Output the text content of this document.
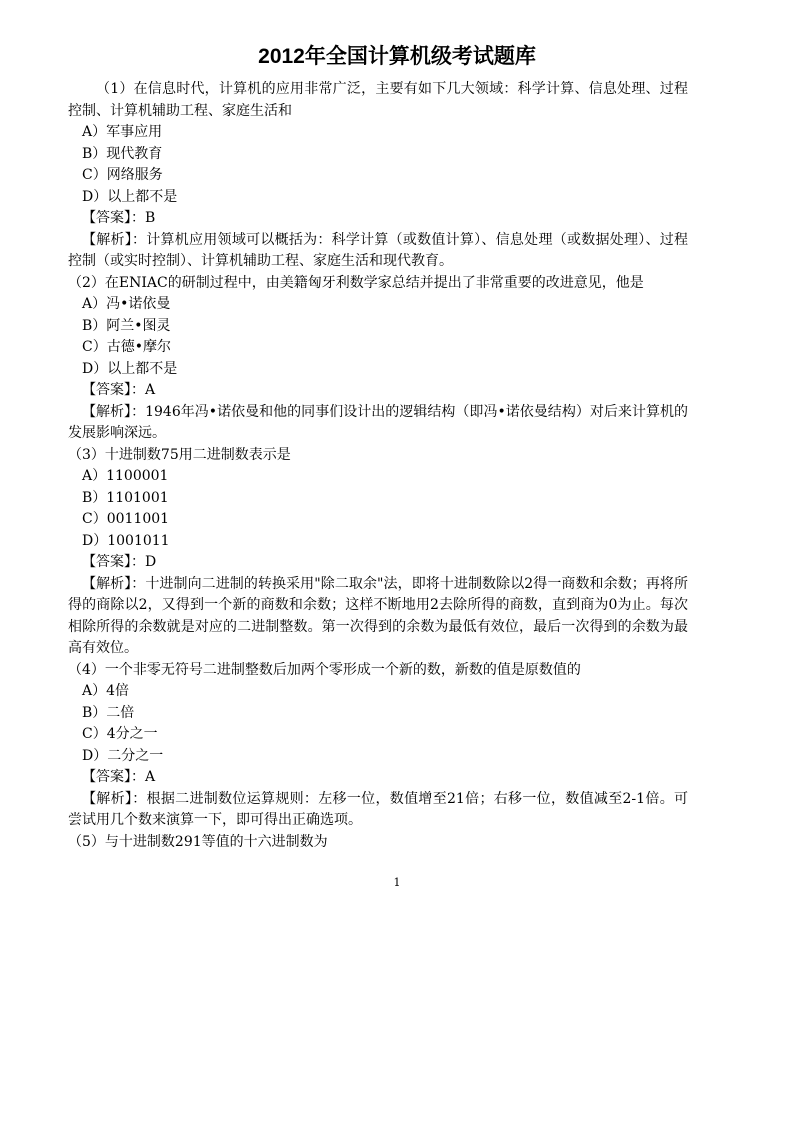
2012年全国计算机级考试题库

（1）在信息时代，计算机的应用非常广泛，主要有如下几大领域：科学计算、信息处理、过程控制、计算机辅助工程、家庭生活和

A）军事应用

B）现代教育

C）网络服务

D）以上都不是

【答案】：B

【解析】：计算机应用领域可以概括为：科学计算（或数值计算）、信息处理（或数据处理）、过程控制（或实时控制）、计算机辅助工程、家庭生活和现代教育。

（2）在ENIAC的研制过程中，由美籍匈牙利数学家总结并提出了非常重要的改进意见，他是

A）冯•诺依曼

B）阿兰•图灵

C）古德•摩尔

D）以上都不是

【答案】：A

【解析】：1946年冯•诺依曼和他的同事们设计出的逻辑结构（即冯•诺依曼结构）对后来计算机的发展影响深远。

（3）十进制数75用二进制数表示是

A）1100001

B）1101001

C）0011001

D）1001011

【答案】：D

【解析】：十进制向二进制的转换采用"除二取余"法，即将十进制数除以2得一商数和余数；再将所得的商除以2，又得到一个新的商数和余数；这样不断地用2去除所得的商数，直到商为0为止。每次相除所得的余数就是对应的二进制整数。第一次得到的余数为最低有效位，最后一次得到的余数为最高有效位。

（4）一个非零无符号二进制整数后加两个零形成一个新的数，新数的值是原数值的

A）4倍

B）二倍

C）4分之一

D）二分之一

【答案】：A

【解析】：根据二进制数位运算规则：左移一位，数值增至21倍；右移一位，数值减至2-1倍。可尝试用几个数来演算一下，即可得出正确选项。

（5）与十进制数291等值的十六进制数为

1
